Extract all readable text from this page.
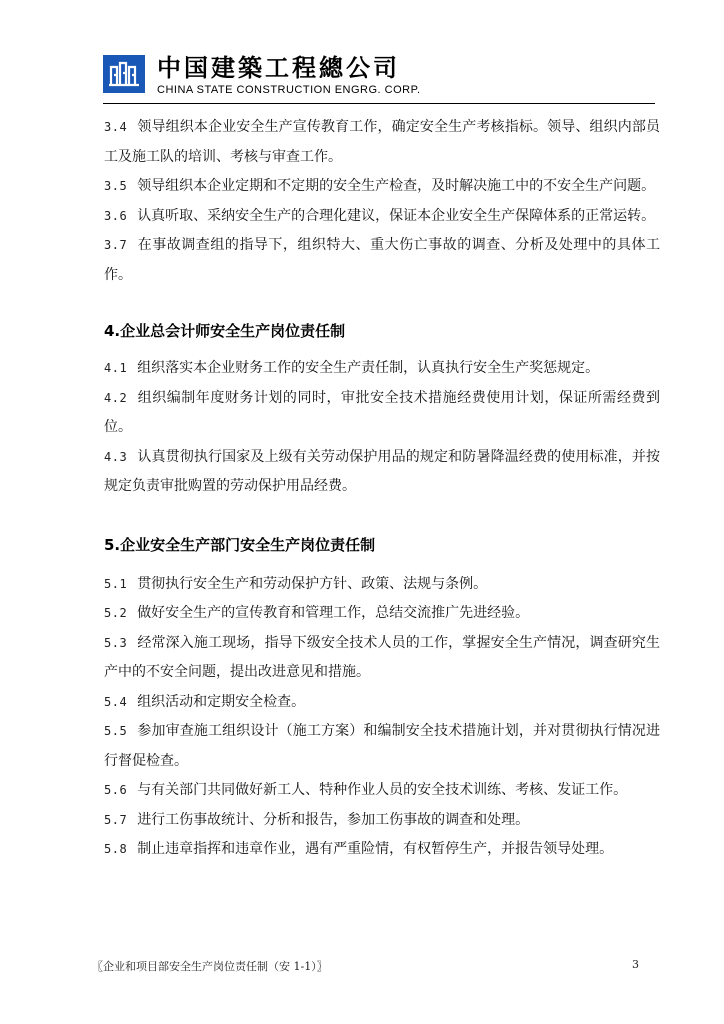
中国建築工程總公司
CHINA STATE CONSTRUCTION ENGRG. CORP.

3.4 领导组织本企业安全生产宣传教育工作，确定安全生产考核指标。领导、组织内部员工及施工队的培训、考核与审查工作。

3.5 领导组织本企业定期和不定期的安全生产检查，及时解决施工中的不安全生产问题。

3.6 认真听取、采纳安全生产的合理化建议，保证本企业安全生产保障体系的正常运转。

3.7 在事故调查组的指导下，组织特大、重大伤亡事故的调查、分析及处理中的具体工作。

4.企业总会计师安全生产岗位责任制

4.1 组织落实本企业财务工作的安全生产责任制，认真执行安全生产奖惩规定。

4.2 组织编制年度财务计划的同时，审批安全技术措施经费使用计划，保证所需经费到位。

4.3 认真贯彻执行国家及上级有关劳动保护用品的规定和防暑降温经费的使用标准，并按规定负责审批购置的劳动保护用品经费。

5.企业安全生产部门安全生产岗位责任制

5.1 贯彻执行安全生产和劳动保护方针、政策、法规与条例。

5.2 做好安全生产的宣传教育和管理工作，总结交流推广先进经验。

5.3 经常深入施工现场，指导下级安全技术人员的工作，掌握安全生产情况，调查研究生产中的不安全问题，提出改进意见和措施。

5.4 组织活动和定期安全检查。

5.5 参加审查施工组织设计（施工方案）和编制安全技术措施计划，并对贯彻执行情况进行督促检查。

5.6 与有关部门共同做好新工人、特种作业人员的安全技术训练、考核、发证工作。

5.7 进行工伤事故统计、分析和报告，参加工伤事故的调查和处理。

5.8 制止违章指挥和违章作业，遇有严重险情，有权暂停生产，并报告领导处理。

〖企业和项目部安全生产岗位责任制（安 1-1）〗	3
